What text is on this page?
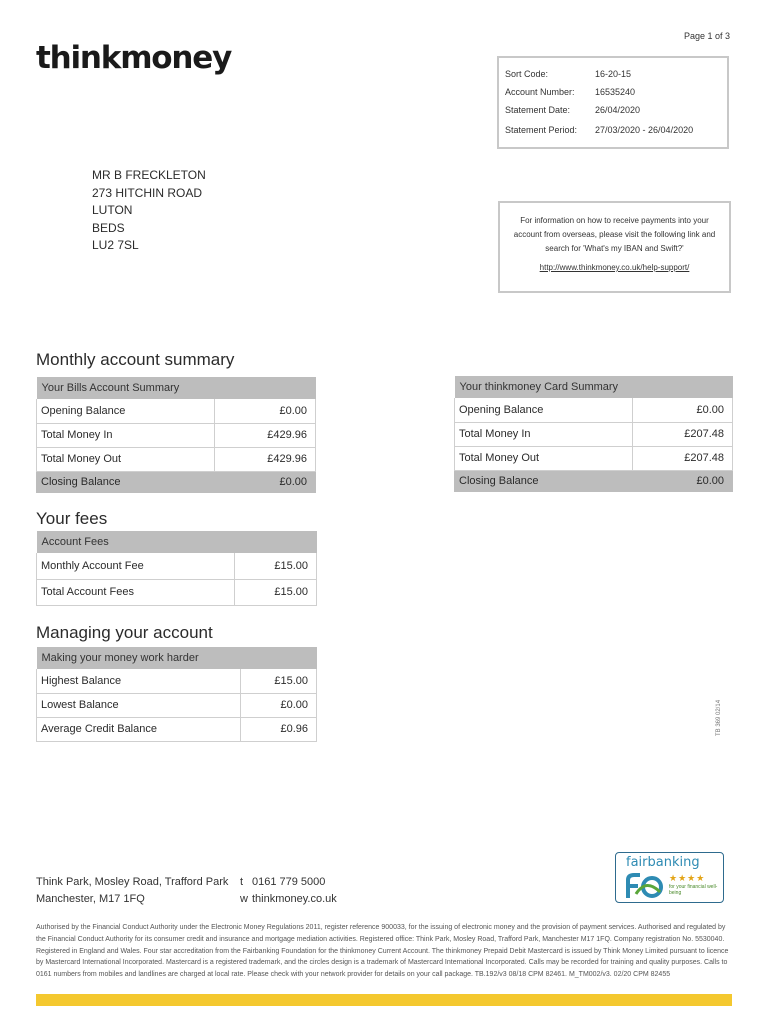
thinkmoney
Page 1 of 3
Sort Code:	16-20-15
Account Number:	16535240
Statement Date:	26/04/2020
Statement Period:	27/03/2020 - 26/04/2020
MR B FRECKLETON
273 HITCHIN ROAD
LUTON
BEDS
LU2 7SL
For information on how to receive payments into your account from overseas, please visit the following link and search for 'What's my IBAN and Swift?'
http://www.thinkmoney.co.uk/help-support/
Monthly account summary
Your Bills Account Summary	
Opening Balance	£0.00
Total Money In	£429.96
Total Money Out	£429.96
Closing Balance	£0.00
Your thinkmoney Card Summary	
Opening Balance	£0.00
Total Money In	£207.48
Total Money Out	£207.48
Closing Balance	£0.00
Your fees
Account Fees	
Monthly Account Fee	£15.00
Total Account Fees	£15.00
Managing your account
Making your money work harder	
Highest Balance	£15.00
Lowest Balance	£0.00
Average Credit Balance	£0.96	TB 369 02/14
Think Park, Mosley Road, Trafford Park
Manchester, M17 1FQ
t 0161 779 5000
w thinkmoney.co.uk
fairbanking
★★★★
for your financial well-being
Authorised by the Financial Conduct Authority under the Electronic Money Regulations 2011, register reference 900033, for the issuing of electronic money and the provision of payment services. Authorised and regulated by the Financial Conduct Authority for its consumer credit and insurance and mortgage mediation activities. Registered office: Think Park, Mosley Road, Trafford Park, Manchester M17 1FQ. Company registration No. 5530040. Registered in England and Wales. Four star accreditation from the Fairbanking Foundation for the thinkmoney Current Account. The thinkmoney Prepaid Debit Mastercard is issued by Think Money Limited pursuant to licence by Mastercard International Incorporated. Mastercard is a registered trademark, and the circles design is a trademark of Mastercard International Incorporated. Calls may be recorded for training and quality purposes. Calls to 0161 numbers from mobiles and landlines are charged at local rate. Please check with your network provider for details on your call package. TB.192/v3 08/18 CPM 82461. M_TM002/v3. 02/20 CPM 82455
